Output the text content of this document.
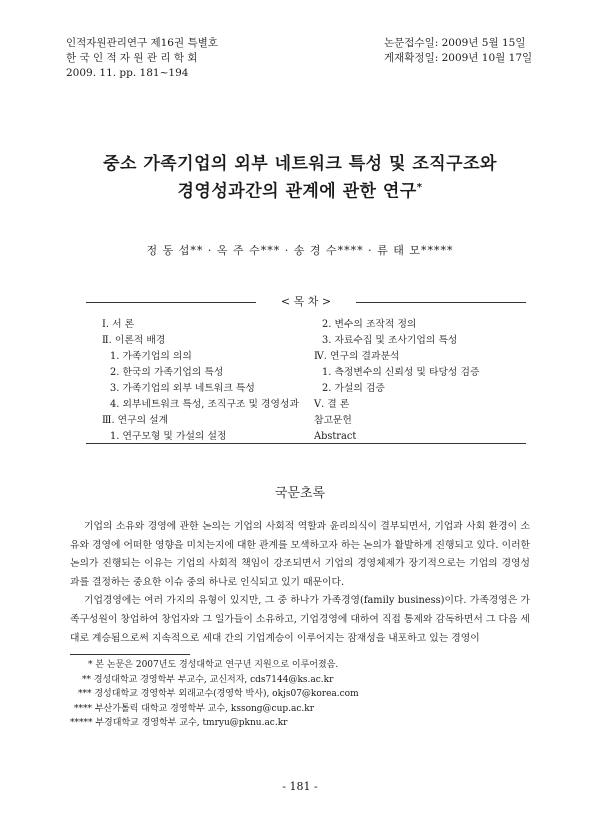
인적자원관리연구 제16권 특별호
한 국 인 적 자 원 관 리 학 회
2009. 11. pp. 181~194
논문접수일: 2009년 5월 15일
게재확정일: 2009년 10월 17일
중소 가족기업의 외부 네트워크 특성 및 조직구조와
경영성과간의 관계에 관한 연구*
정 동 섭** · 옥 주 수*** · 송 경 수**** · 류 태 모*****
< 목 차 >
Ⅰ. 서 론
Ⅱ. 이론적 배경
1. 가족기업의 의의
2. 한국의 가족기업의 특성
3. 가족기업의 외부 네트워크 특성
4. 외부네트워크 특성, 조직구조 및 경영성과
Ⅲ. 연구의 설계
1. 연구모형 및 가설의 설정
2. 변수의 조작적 정의
3. 자료수집 및 조사기업의 특성
Ⅳ. 연구의 결과분석
1. 측정변수의 신뢰성 및 타당성 검증
2. 가설의 검증
Ⅴ. 결 론
참고문헌
Abstract
국문초록

기업의 소유와 경영에 관한 논의는 기업의 사회적 역할과 윤리의식이 결부되면서, 기업과 사회 환경이 소유와 경영에 어떠한 영향을 미치는지에 대한 관계를 모색하고자 하는 논의가 활발하게 진행되고 있다. 이러한 논의가 진행되는 이유는 기업의 사회적 책임이 강조되면서 기업의 경영체제가 장기적으로는 기업의 경영성과를 결정하는 중요한 이슈 중의 하나로 인식되고 있기 때문이다.

기업경영에는 여러 가지의 유형이 있지만, 그 중 하나가 가족경영(family business)이다. 가족경영은 가족구성원이 창업하여 창업자와 그 일가들이 소유하고, 기업경영에 대하여 직접 통제와 감독하면서 그 다음 세대로 계승됨으로써 지속적으로 세대 간의 기업계승이 이루어지는 잠재성을 내포하고 있는 경영이

* 본 논문은 2007년도 경성대학교 연구년 지원으로 이루어졌음.
** 경성대학교 경영학부 부교수, 교신저자, cds7144@ks.ac.kr
*** 경성대학교 경영학부 외래교수(경영학 박사), okjs07@korea.com
**** 부산가톨릭 대학교 경영학부 교수, kssong@cup.ac.kr
***** 부경대학교 경영학부 교수, tmryu@pknu.ac.kr
- 181 -
